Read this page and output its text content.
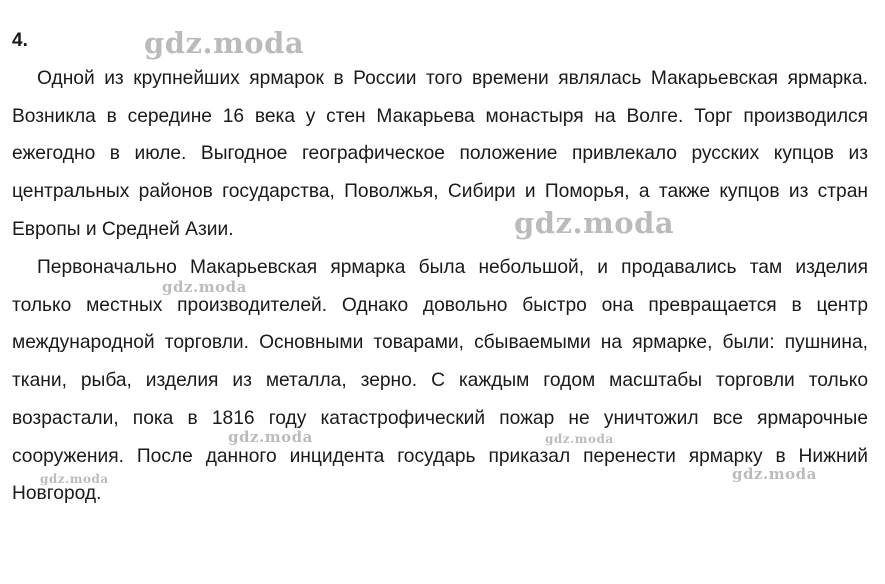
4.

Одной из крупнейших ярмарок в России того времени являлась Макарьевская ярмарка. Возникла в середине 16 века у стен Макарьева монастыря на Волге. Торг производился ежегодно в июле. Выгодное географическое положение привлекало русских купцов из центральных районов государства, Поволжья, Сибири и Поморья, а также купцов из стран Европы и Средней Азии.

Первоначально Макарьевская ярмарка была небольшой, и продавались там изделия только местных производителей. Однако довольно быстро она превращается в центр международной торговли. Основными товарами, сбываемыми на ярмарке, были: пушнина, ткани, рыба, изделия из металла, зерно. С каждым годом масштабы торговли только возрастали, пока в 1816 году катастрофический пожар не уничтожил все ярмарочные сооружения. После данного инцидента государь приказал перенести ярмарку в Нижний Новгород.

gdz.moda
gdz.moda
gdz.moda
gdz.moda	gdz.moda
gdz.moda
gdz.moda
